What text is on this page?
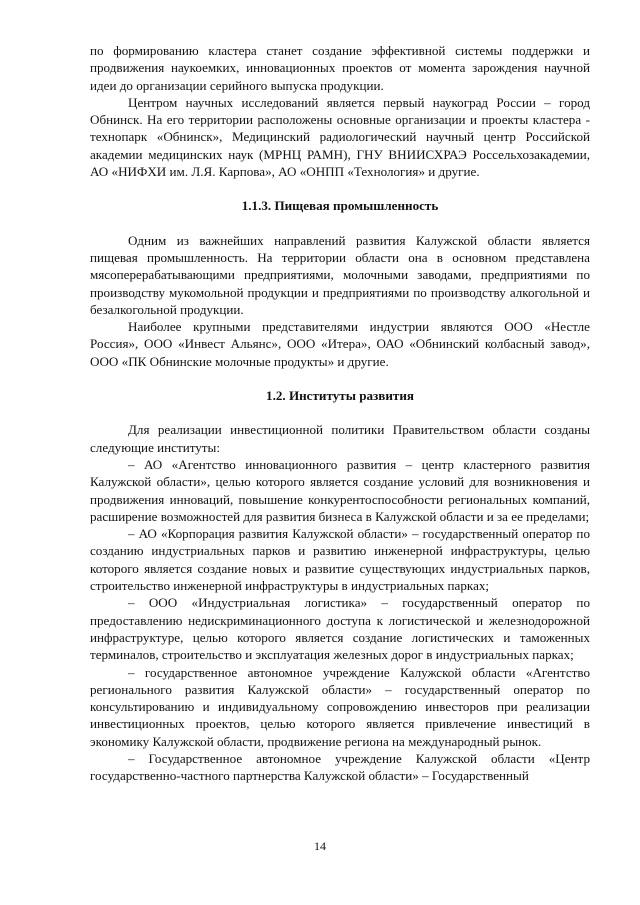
по формированию кластера станет создание эффективной системы поддержки и продвижения наукоемких, инновационных проектов от момента зарождения научной идеи до организации серийного выпуска продукции.

Центром научных исследований является первый наукоград России – город Обнинск. На его территории расположены основные организации и проекты кластера - технопарк «Обнинск», Медицинский радиологический научный центр Российской академии медицинских наук (МРНЦ РАМН), ГНУ ВНИИСХРАЭ Россельхозакадемии, АО «НИФХИ им. Л.Я. Карпова», АО «ОНПП «Технология» и другие.

1.1.3. Пищевая промышленность

Одним из важнейших направлений развития Калужской области является пищевая промышленность. На территории области она в основном представлена мясоперерабатывающими предприятиями, молочными заводами, предприятиями по производству мукомольной продукции и предприятиями по производству алкогольной и безалкогольной продукции.

Наиболее крупными представителями индустрии являются ООО «Нестле Россия», ООО «Инвест Альянс», ООО «Итера», ОАО «Обнинский колбасный завод», ООО «ПК Обнинские молочные продукты» и другие.

1.2. Институты развития

Для реализации инвестиционной политики Правительством области созданы следующие институты:

– АО «Агентство инновационного развития – центр кластерного развития Калужской области», целью которого является создание условий для возникновения и продвижения инноваций, повышение конкурентоспособности региональных компаний, расширение возможностей для развития бизнеса в Калужской области и за ее пределами;

– АО «Корпорация развития Калужской области» – государственный оператор по созданию индустриальных парков и развитию инженерной инфраструктуры, целью которого является создание новых и развитие существующих индустриальных парков, строительство инженерной инфраструктуры в индустриальных парках;

– ООО «Индустриальная логистика» – государственный оператор по предоставлению недискриминационного доступа к логистической и железнодорожной инфраструктуре, целью которого является создание логистических и таможенных терминалов, строительство и эксплуатация железных дорог в индустриальных парках;

– государственное автономное учреждение Калужской области «Агентство регионального развития Калужской области» – государственный оператор по консультированию и индивидуальному сопровождению инвесторов при реализации инвестиционных проектов, целью которого является привлечение инвестиций в экономику Калужской области, продвижение региона на международный рынок.

– Государственное автономное учреждение Калужской области «Центр государственно-частного партнерства Калужской области» – Государственный

14
